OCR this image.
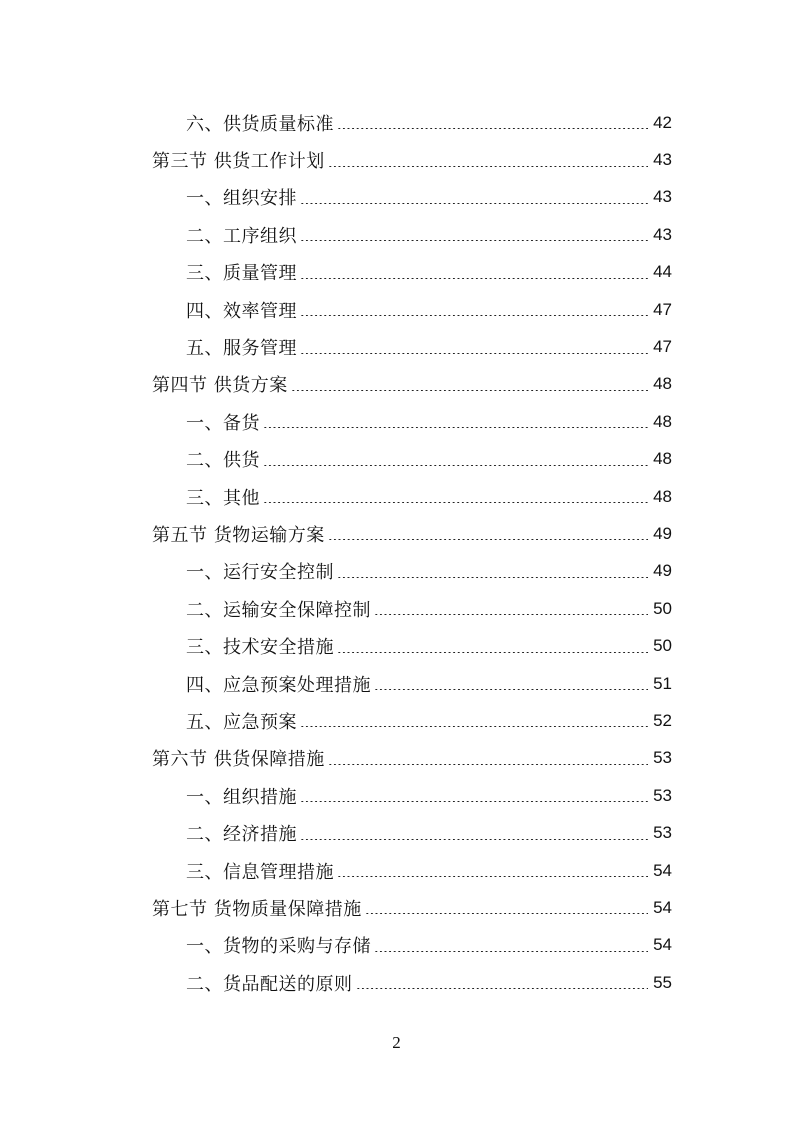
六、供货质量标准	42
第三节 供货工作计划	43
一、组织安排	43
二、工序组织	43
三、质量管理	44
四、效率管理	47
五、服务管理	47
第四节 供货方案	48
一、备货	48
二、供货	48
三、其他	48
第五节 货物运输方案	49
一、运行安全控制	49
二、运输安全保障控制	50
三、技术安全措施	50
四、应急预案处理措施	51
五、应急预案	52
第六节 供货保障措施	53
一、组织措施	53
二、经济措施	53
三、信息管理措施	54
第七节 货物质量保障措施	54
一、货物的采购与存储	54
二、货品配送的原则	55
2
